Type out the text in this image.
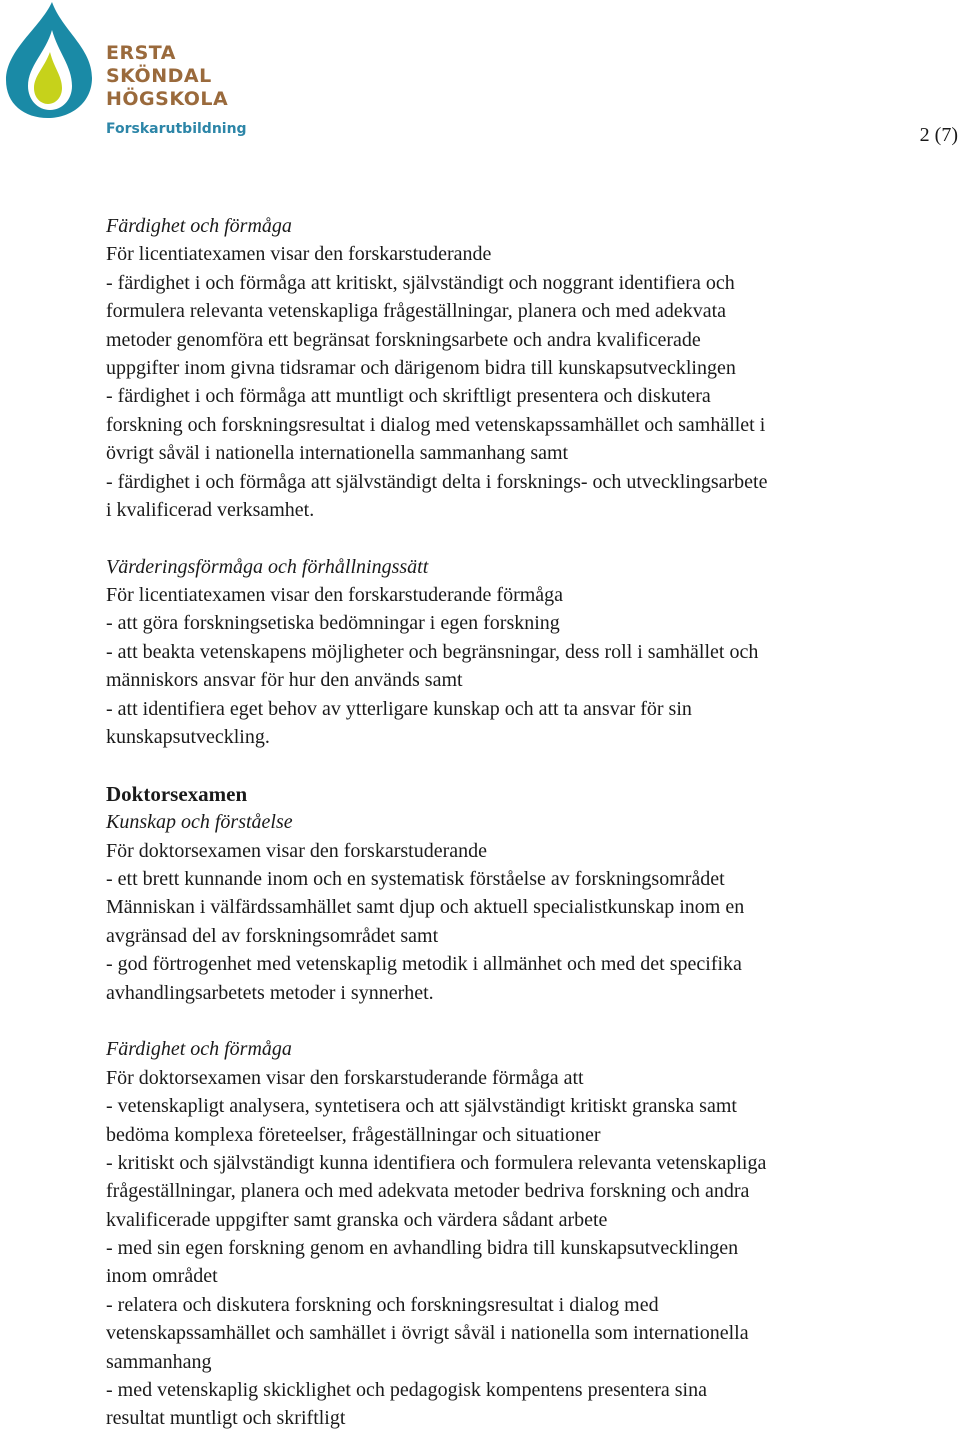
ERSTA
SKÖNDAL
HÖGSKOLA
Forskarutbildning	2 (7)
Färdighet och förmåga
För licentiatexamen visar den forskarstuderande
- färdighet i och förmåga att kritiskt, självständigt och noggrant identifiera och
formulera relevanta vetenskapliga frågeställningar, planera och med adekvata
metoder genomföra ett begränsat forskningsarbete och andra kvalificerade
uppgifter inom givna tidsramar och därigenom bidra till kunskapsutvecklingen
- färdighet i och förmåga att muntligt och skriftligt presentera och diskutera
forskning och forskningsresultat i dialog med vetenskapssamhället och samhället i
övrigt såväl i nationella internationella sammanhang samt
- färdighet i och förmåga att självständigt delta i forsknings- och utvecklingsarbete
i kvalificerad verksamhet.
Värderingsförmåga och förhållningssätt
För licentiatexamen visar den forskarstuderande förmåga
- att göra forskningsetiska bedömningar i egen forskning
- att beakta vetenskapens möjligheter och begränsningar, dess roll i samhället och
människors ansvar för hur den används samt
- att identifiera eget behov av ytterligare kunskap och att ta ansvar för sin
kunskapsutveckling.
Doktorsexamen
Kunskap och förståelse
För doktorsexamen visar den forskarstuderande
- ett brett kunnande inom och en systematisk förståelse av forskningsområdet
Människan i välfärdssamhället samt djup och aktuell specialistkunskap inom en
avgränsad del av forskningsområdet samt
- god förtrogenhet med vetenskaplig metodik i allmänhet och med det specifika
avhandlingsarbetets metoder i synnerhet.
Färdighet och förmåga
För doktorsexamen visar den forskarstuderande förmåga att
- vetenskapligt analysera, syntetisera och att självständigt kritiskt granska samt
bedöma komplexa företeelser, frågeställningar och situationer
- kritiskt och självständigt kunna identifiera och formulera relevanta vetenskapliga
frågeställningar, planera och med adekvata metoder bedriva forskning och andra
kvalificerade uppgifter samt granska och värdera sådant arbete
- med sin egen forskning genom en avhandling bidra till kunskapsutvecklingen
inom området
- relatera och diskutera forskning och forskningsresultat i dialog med
vetenskapssamhället och samhället i övrigt såväl i nationella som internationella
sammanhang
- med vetenskaplig skicklighet och pedagogisk kompentens presentera sina
resultat muntligt och skriftligt
